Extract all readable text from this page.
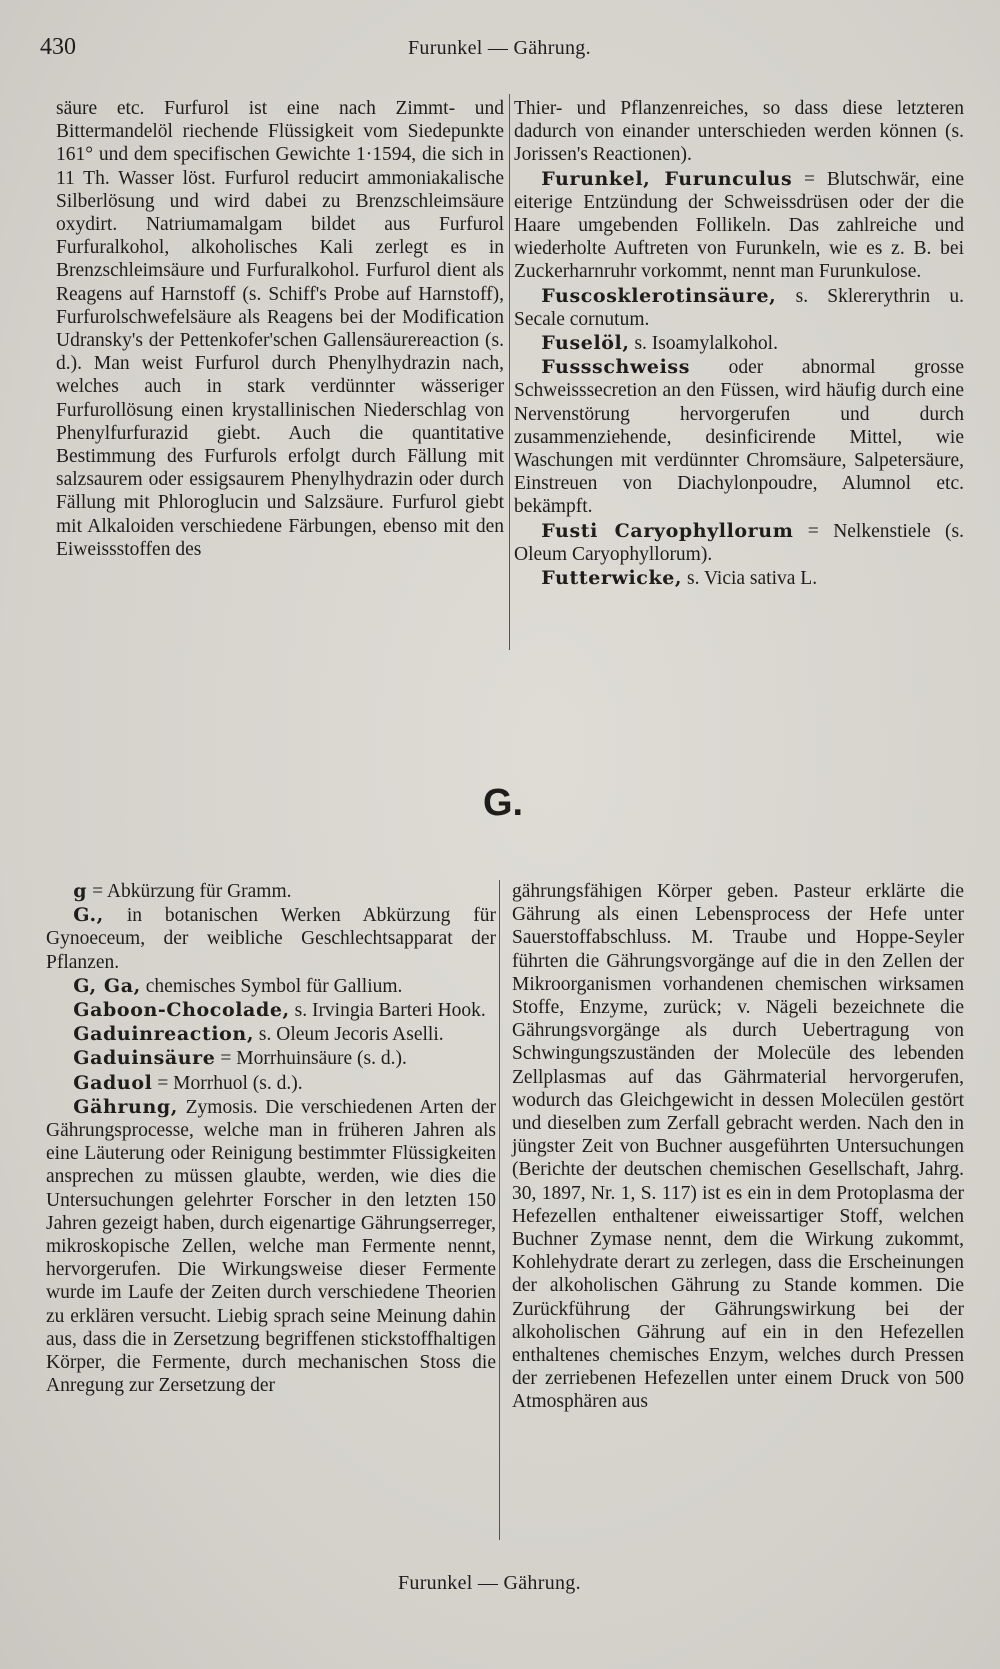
430	Furunkel — Gährung.

säure etc. Furfurol ist eine nach Zimmt- und Bittermandelöl riechende Flüssigkeit vom Siedepunkte 161° und dem specifischen Gewichte 1·1594, die sich in 11 Th. Wasser löst. Furfurol reducirt ammoniakalische Silberlösung und wird dabei zu Brenzschleimsäure oxydirt. Natriumamalgam bildet aus Furfurol Furfuralkohol, alkoholisches Kali zerlegt es in Brenzschleimsäure und Furfuralkohol. Furfurol dient als Reagens auf Harnstoff (s. Schiff's Probe auf Harnstoff), Furfurolschwefelsäure als Reagens bei der Modification Udransky's der Pettenkofer'schen Gallensäurereaction (s. d.). Man weist Furfurol durch Phenylhydrazin nach, welches auch in stark verdünnter wässeriger Furfurollösung einen krystallinischen Niederschlag von Phenylfurfurazid giebt. Auch die quantitative Bestimmung des Furfurols erfolgt durch Fällung mit salzsaurem oder essigsaurem Phenylhydrazin oder durch Fällung mit Phloroglucin und Salzsäure. Furfurol giebt mit Alkaloiden verschiedene Färbungen, ebenso mit den Eiweissstoffen des

Thier- und Pflanzenreiches, so dass diese letzteren dadurch von einander unterschieden werden können (s. Jorissen's Reactionen).

Furunkel, Furunculus = Blutschwär, eine eiterige Entzündung der Schweissdrüsen oder der die Haare umgebenden Follikeln. Das zahlreiche und wiederholte Auftreten von Furunkeln, wie es z. B. bei Zuckerharnruhr vorkommt, nennt man Furunkulose.

Fuscosklerotinsäure, s. Sklererythrin u. Secale cornutum.

Fuselöl, s. Isoamylalkohol.

Fussschweiss oder abnormal grosse Schweisssecretion an den Füssen, wird häufig durch eine Nervenstörung hervorgerufen und durch zusammenziehende, desinficirende Mittel, wie Waschungen mit verdünnter Chromsäure, Salpetersäure, Einstreuen von Diachylonpoudre, Alumnol etc. bekämpft.

Fusti Caryophyllorum = Nelkenstiele (s. Oleum Caryophyllorum).

Futterwicke, s. Vicia sativa L.

G.

g = Abkürzung für Gramm.

G., in botanischen Werken Abkürzung für Gynoeceum, der weibliche Geschlechtsapparat der Pflanzen.

G, Ga, chemisches Symbol für Gallium.

Gaboon-Chocolade, s. Irvingia Barteri Hook.

Gaduinreaction, s. Oleum Jecoris Aselli.

Gaduinsäure = Morrhuinsäure (s. d.).

Gaduol = Morrhuol (s. d.).

Gährung, Zymosis. Die verschiedenen Arten der Gährungsprocesse, welche man in früheren Jahren als eine Läuterung oder Reinigung bestimmter Flüssigkeiten ansprechen zu müssen glaubte, werden, wie dies die Untersuchungen gelehrter Forscher in den letzten 150 Jahren gezeigt haben, durch eigenartige Gährungserreger, mikroskopische Zellen, welche man Fermente nennt, hervorgerufen. Die Wirkungsweise dieser Fermente wurde im Laufe der Zeiten durch verschiedene Theorien zu erklären versucht. Liebig sprach seine Meinung dahin aus, dass die in Zersetzung begriffenen stickstoffhaltigen Körper, die Fermente, durch mechanischen Stoss die Anregung zur Zersetzung der

gährungsfähigen Körper geben. Pasteur erklärte die Gährung als einen Lebensprocess der Hefe unter Sauerstoffabschluss. M. Traube und Hoppe-Seyler führten die Gährungsvorgänge auf die in den Zellen der Mikroorganismen vorhandenen chemischen wirksamen Stoffe, Enzyme, zurück; v. Nägeli bezeichnete die Gährungsvorgänge als durch Uebertragung von Schwingungszuständen der Molecüle des lebenden Zellplasmas auf das Gährmaterial hervorgerufen, wodurch das Gleichgewicht in dessen Molecülen gestört und dieselben zum Zerfall gebracht werden. Nach den in jüngster Zeit von Buchner ausgeführten Untersuchungen (Berichte der deutschen chemischen Gesellschaft, Jahrg. 30, 1897, Nr. 1, S. 117) ist es ein in dem Protoplasma der Hefezellen enthaltener eiweissartiger Stoff, welchen Buchner Zymase nennt, dem die Wirkung zukommt, Kohlehydrate derart zu zerlegen, dass die Erscheinungen der alkoholischen Gährung zu Stande kommen. Die Zurückführung der Gährungswirkung bei der alkoholischen Gährung auf ein in den Hefezellen enthaltenes chemisches Enzym, welches durch Pressen der zerriebenen Hefezellen unter einem Druck von 500 Atmosphären aus

Furunkel — Gährung.
